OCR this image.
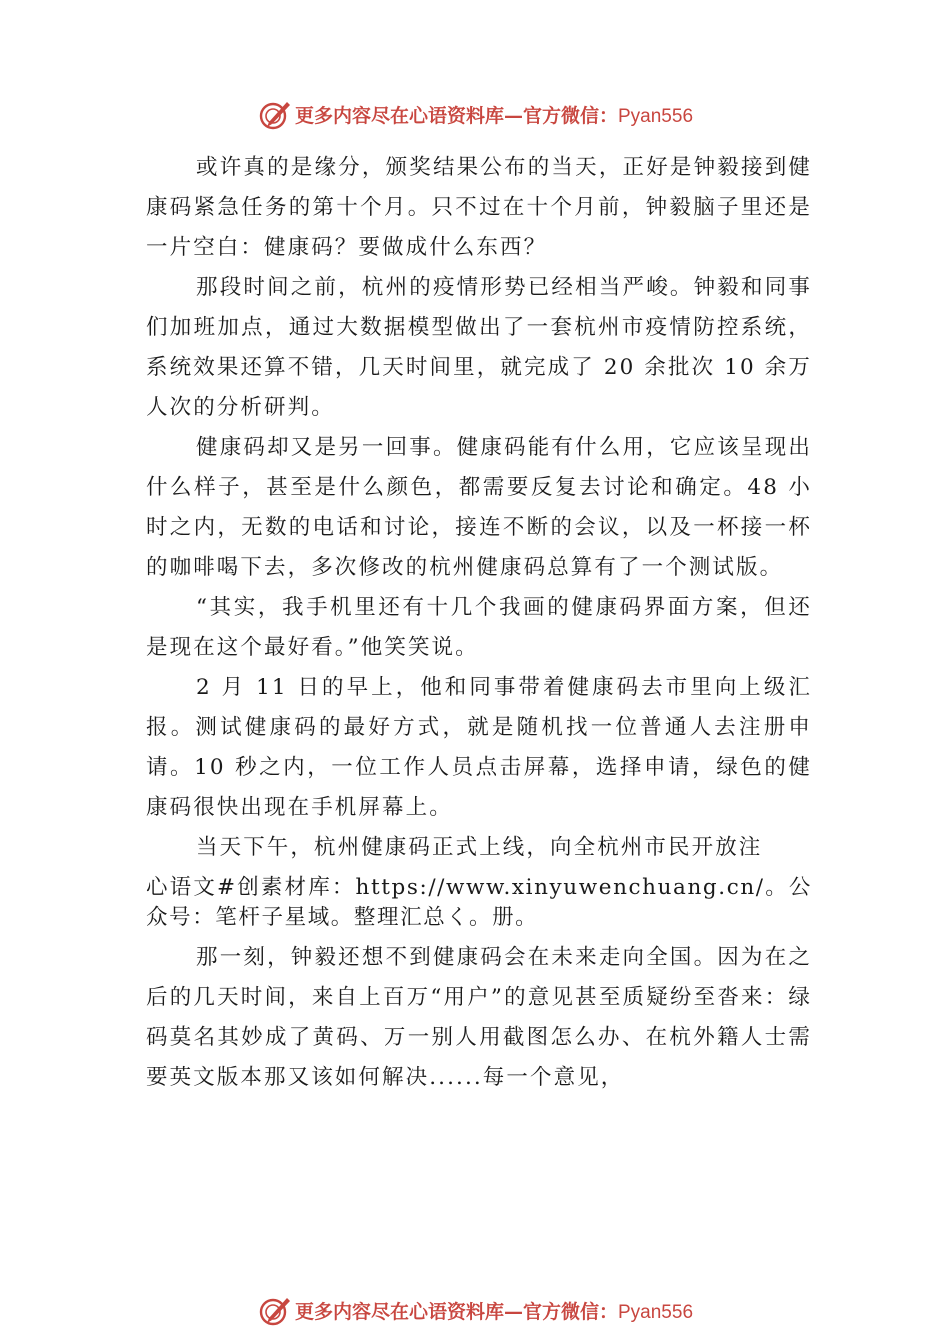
更多内容尽在心语资料库—官方微信：Pyan556

或许真的是缘分，颁奖结果公布的当天，正好是钟毅接到健康码紧急任务的第十个月。只不过在十个月前，钟毅脑子里还是一片空白：健康码？要做成什么东西？

那段时间之前，杭州的疫情形势已经相当严峻。钟毅和同事们加班加点，通过大数据模型做出了一套杭州市疫情防控系统，系统效果还算不错，几天时间里，就完成了 20 余批次 10 余万人次的分析研判。

健康码却又是另一回事。健康码能有什么用，它应该呈现出什么样子，甚至是什么颜色，都需要反复去讨论和确定。48 小时之内，无数的电话和讨论，接连不断的会议，以及一杯接一杯的咖啡喝下去，多次修改的杭州健康码总算有了一个测试版。

“其实，我手机里还有十几个我画的健康码界面方案，但还是现在这个最好看。”他笑笑说。

2 月 11 日的早上，他和同事带着健康码去市里向上级汇报。测试健康码的最好方式，就是随机找一位普通人去注册申请。10 秒之内，一位工作人员点击屏幕，选择申请，绿色的健康码很快出现在手机屏幕上。

当天下午，杭州健康码正式上线，向全杭州市民开放注

心语文#创素材库：https://www.xinyuwenchuang.cn/。公众号：笔杆子星域。整理汇总く。册。

那一刻，钟毅还想不到健康码会在未来走向全国。因为在之后的几天时间，来自上百万“用户”的意见甚至质疑纷至沓来：绿码莫名其妙成了黄码、万一别人用截图怎么办、在杭外籍人士需要英文版本那又该如何解决......每一个意见，

更多内容尽在心语资料库—官方微信：Pyan556
